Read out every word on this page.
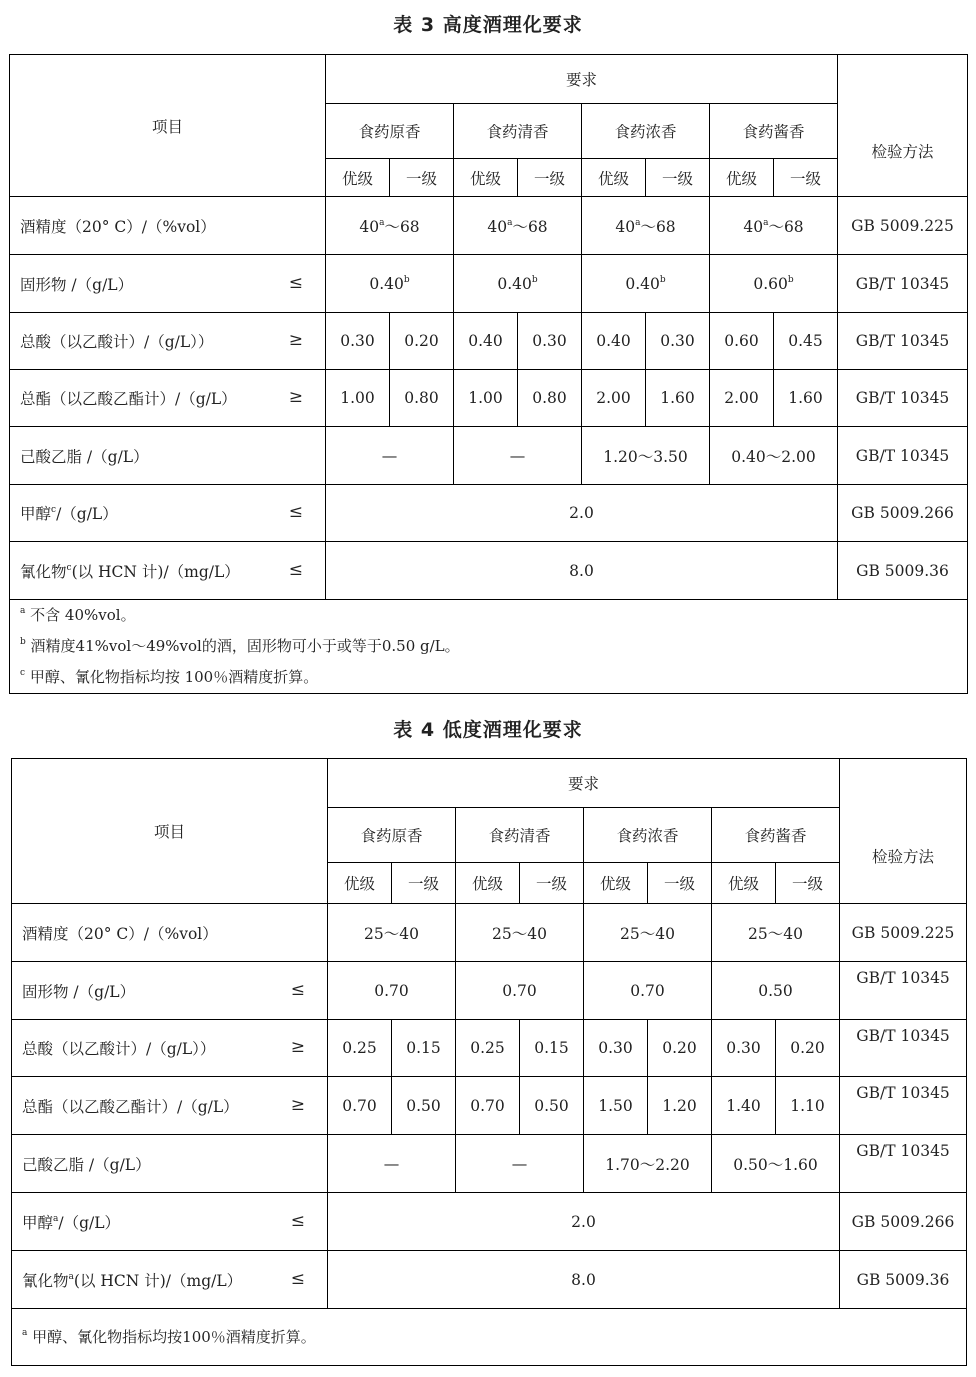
表 3 高度酒理化要求
项目	要求								检验方法
	食药原香		食药清香		食药浓香		食药酱香		
	优级	一级	优级	一级	优级	一级	优级	一级	
酒精度（20° C）/（%vol）	40$^a$～68		40$^a$～68		40$^a$～68		40$^a$～68		GB 5009.225
固形物 /（g/L） ≤	0.40$^b$		0.40$^b$		0.40$^b$		0.60$^b$		GB/T 10345
总酸（以乙酸计）/（g/L）） ≥	0.30	0.20	0.40	0.30	0.40	0.30	0.60	0.45	GB/T 10345
总酯（以乙酸乙酯计）/（g/L） ≥	1.00	0.80	1.00	0.80	2.00	1.60	2.00	1.60	GB/T 10345
己酸乙脂 /（g/L）	—		—		1.20～3.50		0.40～2.00		GB/T 10345
甲醇$^c$/（g/L） ≤	2.0								GB 5009.266
氰化物$^c$(以 HCN 计)/（mg/L） ≤	8.0								GB 5009.36

$^a$ 不含 40%vol。
$^b$ 酒精度41%vol～49%vol的酒，固形物可小于或等于0.50 g/L。
$^c$ 甲醇、氰化物指标均按 100％酒精度折算。									
表 4 低度酒理化要求
项目	要求								检验方法
	食药原香		食药清香		食药浓香		食药酱香		
	优级	一级	优级	一级	优级	一级	优级	一级	
酒精度（20° C）/（%vol）	25～40		25～40		25～40		25～40		GB 5009.225
固形物 /（g/L） ≤	0.70		0.70		0.70		0.50		GB/T 10345
总酸（以乙酸计）/（g/L）） ≥	0.25	0.15	0.25	0.15	0.30	0.20	0.30	0.20	GB/T 10345
总酯（以乙酸乙酯计）/（g/L） ≥	0.70	0.50	0.70	0.50	1.50	1.20	1.40	1.10	GB/T 10345
己酸乙脂 /（g/L）	—		—		1.70～2.20		0.50～1.60		GB/T 10345
甲醇$^a$/（g/L） ≤	2.0								GB 5009.266
氰化物$^a$(以 HCN 计)/（mg/L） ≤	8.0								GB 5009.36

$^a$ 甲醇、氰化物指标均按100％酒精度折算。									
